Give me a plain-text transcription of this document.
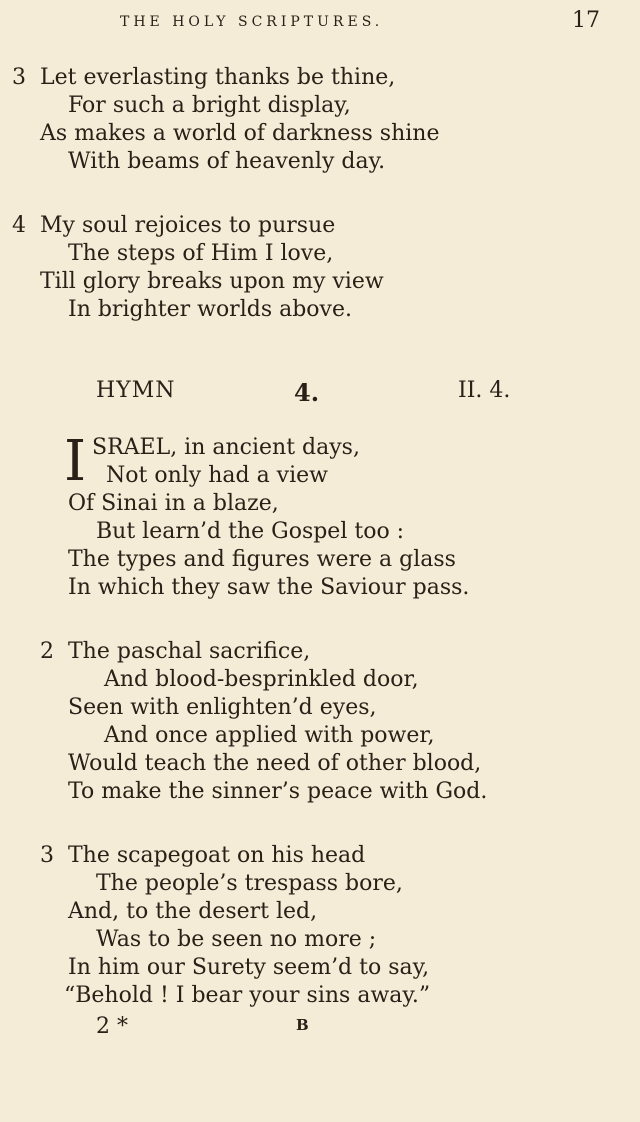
THE HOLY SCRIPTURES.	17
3 Let everlasting thanks be thine,
For such a bright display,
As makes a world of darkness shine
With beams of heavenly day.
4 My soul rejoices to pursue
The steps of Him I love,
Till glory breaks upon my view
In brighter worlds above.
HYMN	4.	II. 4.
I SRAEL, in ancient days,
Not only had a view
Of Sinai in a blaze,
But learn’d the Gospel too :
The types and figures were a glass
In which they saw the Saviour pass.
2 The paschal sacrifice,
And blood-besprinkled door,
Seen with enlighten’d eyes,
And once applied with power,
Would teach the need of other blood,
To make the sinner’s peace with God.
3 The scapegoat on his head
The people’s trespass bore,
And, to the desert led,
Was to be seen no more ;
In him our Surety seem’d to say,
“Behold ! I bear your sins away.”
2 *	B
